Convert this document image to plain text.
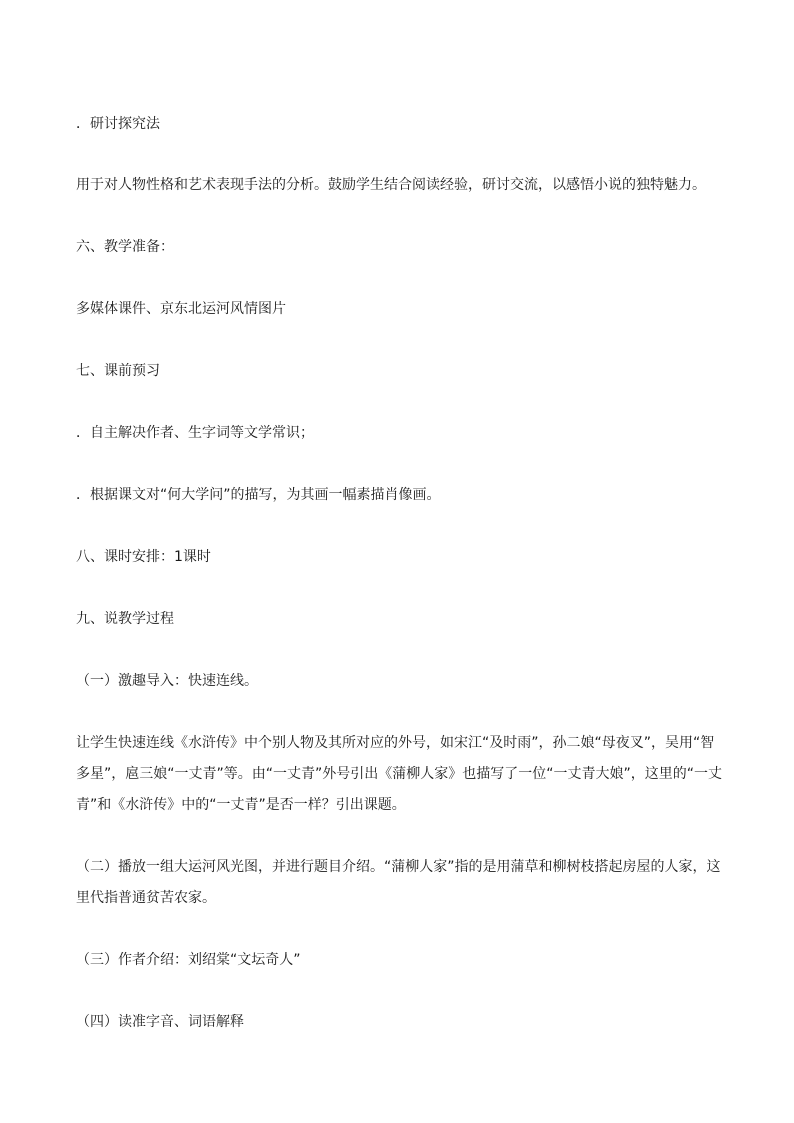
．研讨探究法

用于对人物性格和艺术表现手法的分析。鼓励学生结合阅读经验，研讨交流，以感悟小说的独特魅力。

六、教学准备：

多媒体课件、京东北运河风情图片

七、课前预习

．自主解决作者、生字词等文学常识；

．根据课文对“何大学问”的描写，为其画一幅素描肖像画。

八、课时安排：1课时

九、说教学过程

（一）激趣导入：快速连线。

让学生快速连线《水浒传》中个别人物及其所对应的外号，如宋江“及时雨”，孙二娘“母夜叉”，吴用“智多星”，扈三娘“一丈青”等。由“一丈青”外号引出《蒲柳人家》也描写了一位“一丈青大娘”，这里的“一丈青”和《水浒传》中的“一丈青”是否一样？引出课题。

（二）播放一组大运河风光图，并进行题目介绍。“蒲柳人家”指的是用蒲草和柳树枝搭起房屋的人家，这里代指普通贫苦农家。

（三）作者介绍：刘绍棠“文坛奇人”

（四）读准字音、词语解释
